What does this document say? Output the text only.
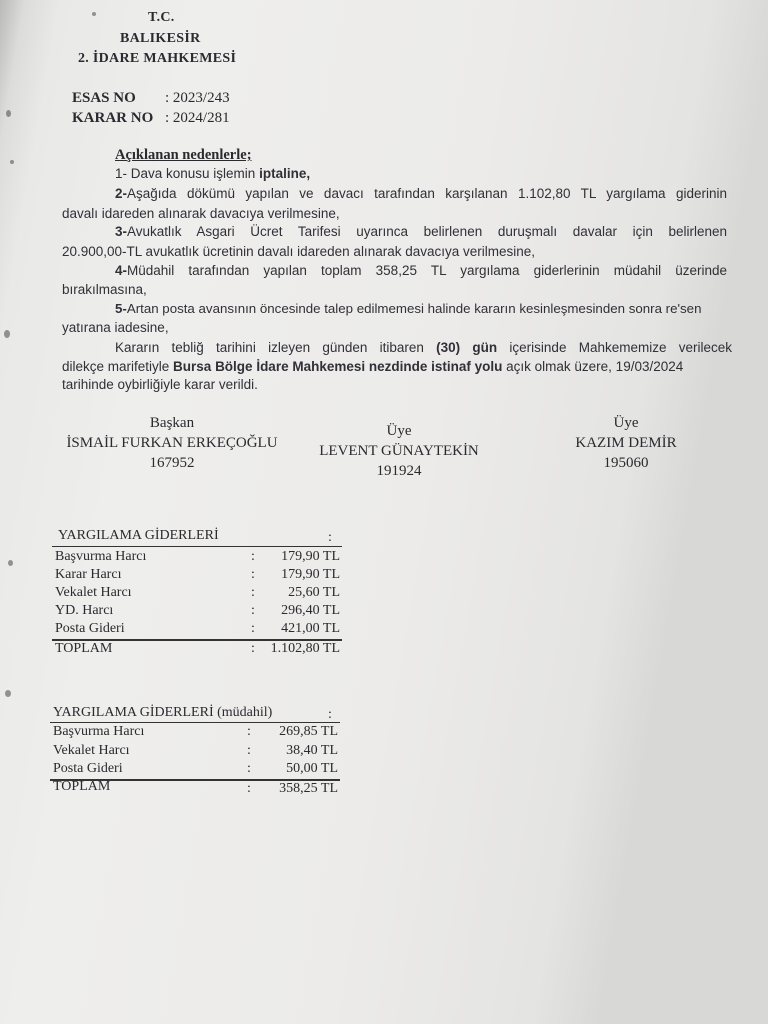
T.C.
BALIKESİR
2. İDARE MAHKEMESİ
ESAS NO : 2023/243
KARAR NO : 2024/281
Açıklanan nedenlerle;
1- Dava konusu işlemin iptaline,
2-Aşağıda dökümü yapılan ve davacı tarafından karşılanan 1.102,80 TL yargılama giderinin
davalı idareden alınarak davacıya verilmesine,
3-Avukatlık Asgari Ücret Tarifesi uyarınca belirlenen duruşmalı davalar için belirlenen
20.900,00-TL avukatlık ücretinin davalı idareden alınarak davacıya verilmesine,
4-Müdahil tarafından yapılan toplam 358,25 TL yargılama giderlerinin müdahil üzerinde
bırakılmasına,
5-Artan posta avansının öncesinde talep edilmemesi halinde kararın kesinleşmesinden sonra re'sen
yatırana iadesine,
Kararın tebliğ tarihini izleyen günden itibaren (30) gün içerisinde Mahkememize verilecek
dilekçe marifetiyle Bursa Bölge İdare Mahkemesi nezdinde istinaf yolu açık olmak üzere, 19/03/2024
tarihinde oybirliğiyle karar verildi.
Başkan
İSMAİL FURKAN ERKEÇOĞLU
167952
Üye
LEVENT GÜNAYTEKİN
191924
Üye
KAZIM DEMİR
195060
YARGILAMA GİDERLERİ	:
Başvurma Harcı	:	179,90 TL
Karar Harcı	:	179,90 TL
Vekalet Harcı	:	25,60 TL
YD. Harcı	:	296,40 TL
Posta Gideri	:	421,00 TL
TOPLAM	:	1.102,80 TL
YARGILAMA GİDERLERİ (müdahil)	:
Başvurma Harcı	:	269,85 TL
Vekalet Harcı	:	38,40 TL
Posta Gideri	:	50,00 TL
TOPLAM	:	358,25 TL
